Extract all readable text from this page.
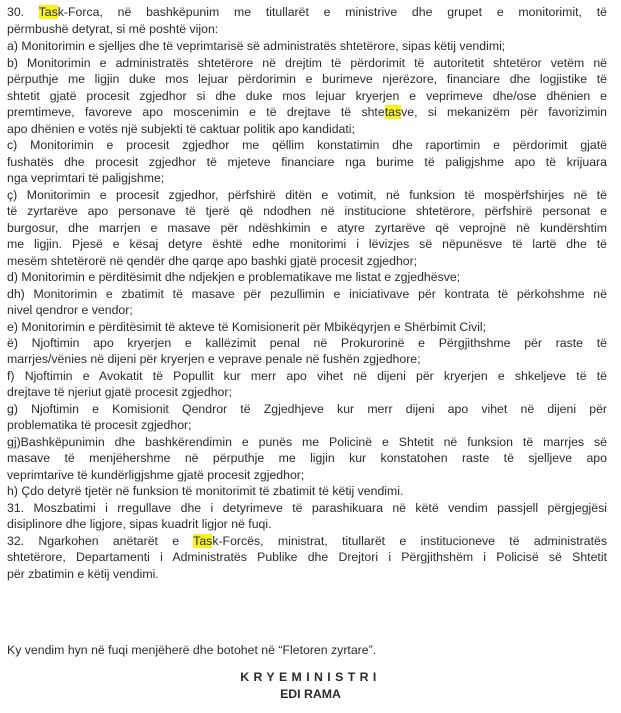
30. Task-Forca, në bashkëpunim me titullarët e ministrive dhe grupet e monitorimit, të
përmbushë detyrat, si më poshtë vijon:
a) Monitorimin e sjelljes dhe të veprimtarisë së administratës shtetërore, sipas këtij vendimi;
b) Monitorimin e administratës shtetërore në drejtim të përdorimit të autoritetit shtetëror vetëm në
përputhje me ligjin duke mos lejuar përdorimin e burimeve njerëzore, financiare dhe logjistike të
shtetit gjatë procesit zgjedhor si dhe duke mos lejuar kryerjen e veprimeve dhe/ose dhënien e
premtimeve, favoreve apo moscenimin e të drejtave të shtetasve, si mekanizëm për favorizimin
apo dhënien e votës një subjekti të caktuar politik apo kandidati;
c) Monitorimin e procesit zgjedhor me qëllim konstatimin dhe raportimin e përdorimit gjatë
fushatës dhe procesit zgjedhor të mjeteve financiare nga burime të paligjshme apo të krijuara
nga veprimtari të paligjshme;
ç) Monitorimin e procesit zgjedhor, përfshirë ditën e votimit, në funksion të mospërfshirjes në të
të zyrtarëve apo personave të tjerë që ndodhen në institucione shtetërore, përfshirë personat e
burgosur, dhe marrjen e masave për ndëshkimin e atyre zyrtarëve që veprojnë në kundërshtim
me ligjin. Pjesë e kësaj detyre është edhe monitorimi i lëvizjes së nëpunësve të lartë dhe të
mesëm shtetërorë në qendër dhe qarqe apo bashki gjatë procesit zgjedhor;
d) Monitorimin e përditësimit dhe ndjekjen e problematikave me listat e zgjedhësve;
dh) Monitorimin e zbatimit të masave për pezullimin e iniciativave për kontrata të përkohshme në
nivel qendror e vendor;
e) Monitorimin e përditësimit të akteve të Komisionerit për Mbikëqyrjen e Shërbimit Civil;
ë) Njoftimin apo kryerjen e kallëzimit penal në Prokurorinë e Përgjithshme për raste të
marrjes/vënies në dijeni për kryerjen e veprave penale në fushën zgjedhore;
f) Njoftimin e Avokatit të Popullit kur merr apo vihet në dijeni për kryerjen e shkeljeve të të
drejtave të njeriut gjatë procesit zgjedhor;
g) Njoftimin e Komisionit Qendror të Zgjedhjeve kur merr dijeni apo vihet në dijeni për
problematika të procesit zgjedhor;
gj)Bashkëpunimin dhe bashkërendimin e punës me Policinë e Shtetit në funksion të marrjes së
masave të menjëhershme në përputhje me ligjin kur konstatohen raste të sjelljeve apo
veprimtarive të kundërligjshme gjatë procesit zgjedhor;
h) Çdo detyrë tjetër në funksion të monitorimit të zbatimit të këtij vendimi.
31. Moszbatimi i rregullave dhe i detyrimeve të parashikuara në këtë vendim passjell përgjegjësi
disiplinore dhe ligjore, sipas kuadrit ligjor në fuqi.
32. Ngarkohen anëtarët e Task-Forcës, ministrat, titullarët e institucioneve të administratës
shtetërore, Departamenti i Administratës Publike dhe Drejtori i Përgjithshëm i Policisë së Shtetit
për zbatimin e këtij vendimi.
Ky vendim hyn në fuqi menjëherë dhe botohet në “Fletoren zyrtare”.
KRYEMINISTRI
EDI RAMA
